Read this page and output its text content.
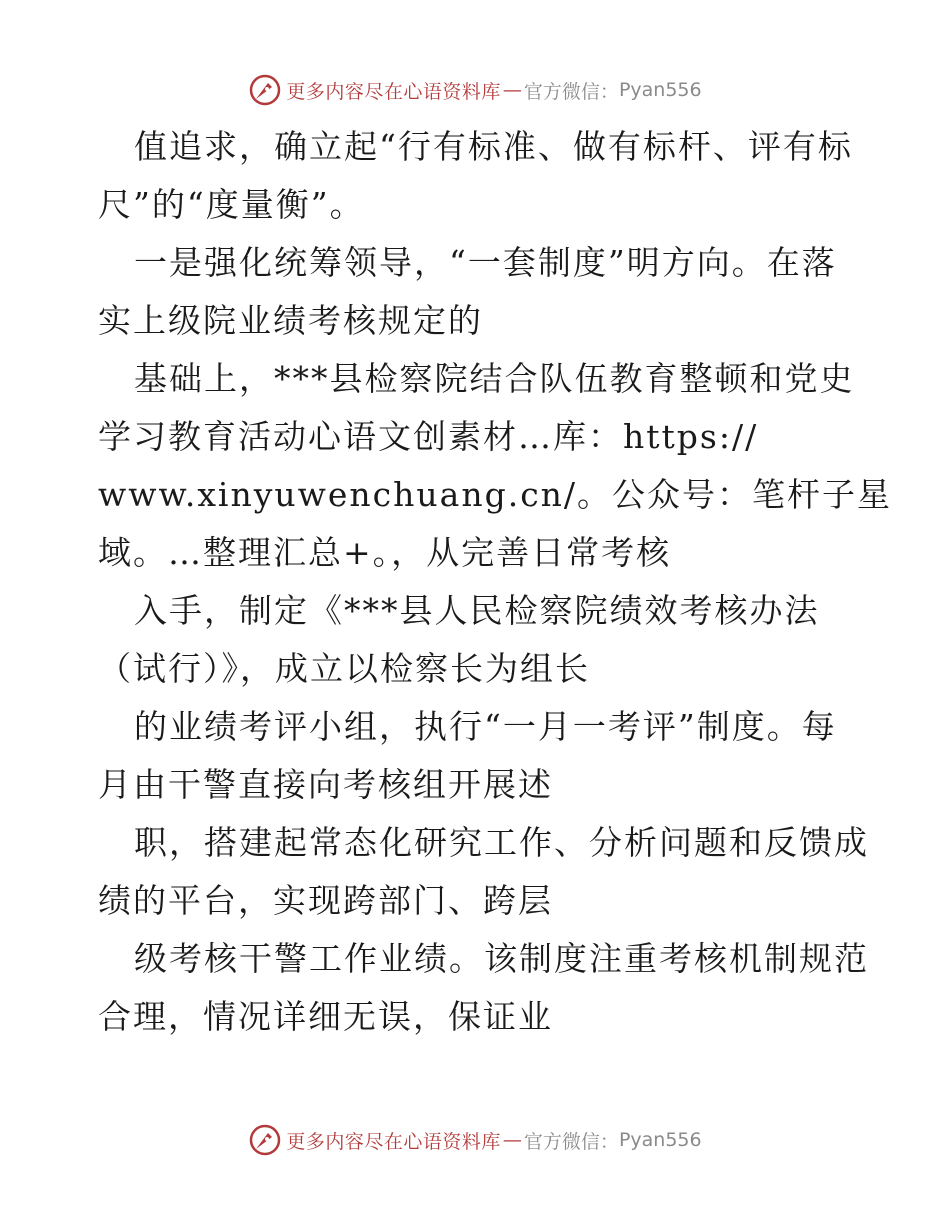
更多内容尽在心语资料库 — 官方微信： Pyan556
值追求，确立起“行有标准、做有标杆、评有标
尺”的“度量衡”。
一是强化统筹领导，“一套制度”明方向。在落
实上级院业绩考核规定的
基础上，***县检察院结合队伍教育整顿和党史
学习教育活动心语文创素材…库：https://
www.xinyuwenchuang.cn/。公众号：笔杆子星
域。…整理汇总+。，从完善日常考核
入手，制定《***县人民检察院绩效考核办法
（试行）》，成立以检察长为组长
的业绩考评小组，执行“一月一考评”制度。每
月由干警直接向考核组开展述
职，搭建起常态化研究工作、分析问题和反馈成
绩的平台，实现跨部门、跨层
级考核干警工作业绩。该制度注重考核机制规范
合理，情况详细无误，保证业
更多内容尽在心语资料库 — 官方微信： Pyan556
